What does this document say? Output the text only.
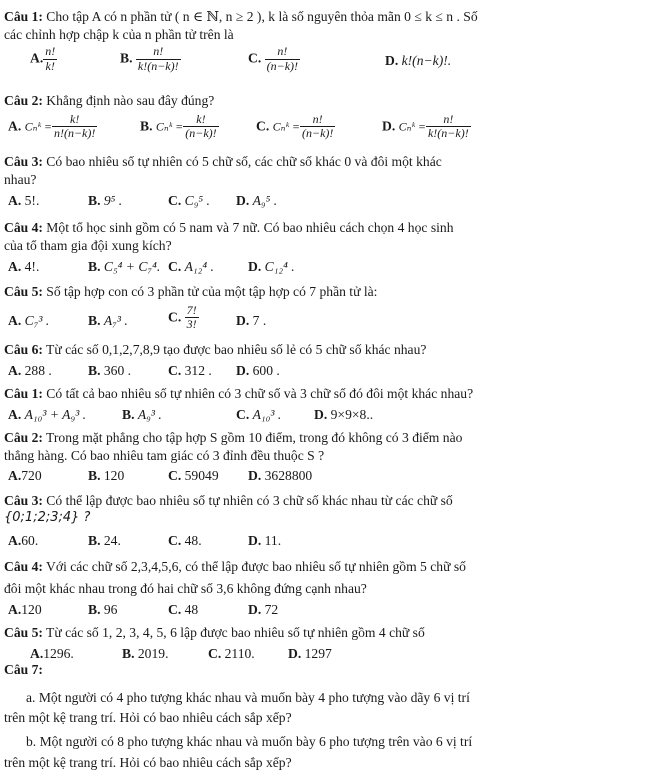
Câu 1: Cho tập A có n phần tử ( n ∈ ℕ, n ≥ 2 ), k là số nguyên thỏa mãn 0 ≤ k ≤ n . Số
các chỉnh hợp chập k của n phần tử trên là
A. $\frac{n!}{k!}$	B. $\frac{n!}{k!(n-k)!}$	C. $\frac{n!}{(n-k)!}$	D. k!(n−k)!.
Câu 2: Khẳng định nào sau đây đúng?
A. Cₙᵏ = $\frac{k!}{n!(n-k)!}$	B. Cₙᵏ = $\frac{k!}{(n-k)!}$	C. Cₙᵏ = $\frac{n!}{(n-k)!}$	D. Cₙᵏ = $\frac{n!}{k!(n-k)!}$
Câu 3: Có bao nhiêu số tự nhiên có 5 chữ số, các chữ số khác 0 và đôi một khác
nhau?
A. 5!.	B. 9⁵ .	C. C₉⁵ . D. A₉⁵ .
Câu 4: Một tổ học sinh gồm có 5 nam và 7 nữ. Có bao nhiêu cách chọn 4 học sinh
của tổ tham gia đội xung kích?
A. 4!.	B. C₅⁴ + C₇⁴. C. A₁₂⁴ .	D. C₁₂⁴ .
Câu 5: Số tập hợp con có 3 phần tử của một tập hợp có 7 phần tử là:
A. C₇³ .	B. A₇³ .	C. $\frac{7!}{3!}$	D. 7 .
Câu 6: Từ các số 0,1,2,7,8,9 tạo được bao nhiêu số lẻ có 5 chữ số khác nhau?
A. 288 .	B. 360 .	C. 312 . D. 600 .
Câu 1: Có tất cả bao nhiêu số tự nhiên có 3 chữ số và 3 chữ số đó đôi một khác nhau?
A. A₁₀³ + A₉³ .	B. A₉³ .	C. A₁₀³ . D. 9×9×8..
Câu 2: Trong mặt phẳng cho tập hợp S gồm 10 điểm, trong đó không có 3 điểm nào
thẳng hàng. Có bao nhiêu tam giác có 3 đỉnh đều thuộc S ?
A.720	B. 120	C. 59049 D. 3628800
Câu 3: Có thể lập được bao nhiêu số tự nhiên có 3 chữ số khác nhau từ các chữ số
{0;1;2;3;4} ?
A.60.	B. 24.	C. 48.	D. 11.
Câu 4: Với các chữ số 2,3,4,5,6, có thể lập được bao nhiêu số tự nhiên gồm 5 chữ số
đôi một khác nhau trong đó hai chữ số 3,6 không đứng cạnh nhau?
A.120	B. 96	C. 48	D. 72
Câu 5: Từ các số 1, 2, 3, 4, 5, 6 lập được bao nhiêu số tự nhiên gồm 4 chữ số
A.1296.	B. 2019.	C. 2110. D. 1297
Câu 7:
a. Một người có 4 pho tượng khác nhau và muốn bày 4 pho tượng vào dãy 6 vị trí
trên một kệ trang trí. Hỏi có bao nhiêu cách sắp xếp?
b. Một người có 8 pho tượng khác nhau và muốn bày 6 pho tượng trên vào 6 vị trí
trên một kệ trang trí. Hỏi có bao nhiêu cách sắp xếp?
